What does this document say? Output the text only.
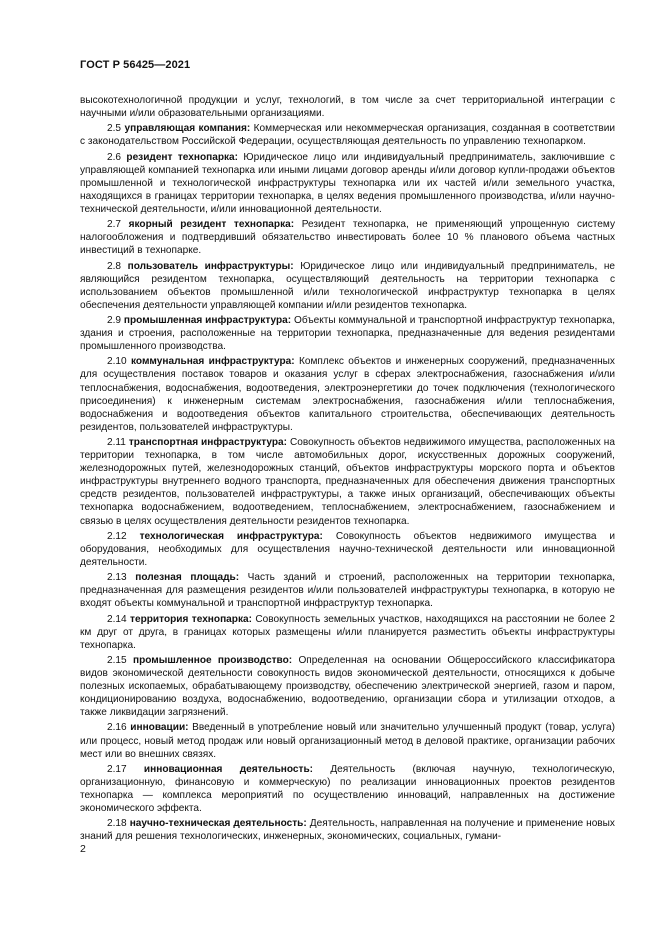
ГОСТ Р 56425—2021

высокотехнологичной продукции и услуг, технологий, в том числе за счет территориальной интеграции с научными и/или образовательными организациями.

2.5 управляющая компания: Коммерческая или некоммерческая организация, созданная в соответствии с законодательством Российской Федерации, осуществляющая деятельность по управлению технопарком.

2.6 резидент технопарка: Юридическое лицо или индивидуальный предприниматель, заключившие с управляющей компанией технопарка или иными лицами договор аренды и/или договор купли-продажи объектов промышленной и технологической инфраструктуры технопарка или их частей и/или земельного участка, находящихся в границах территории технопарка, в целях ведения промышленного производства, и/или научно-технической деятельности, и/или инновационной деятельности.

2.7 якорный резидент технопарка: Резидент технопарка, не применяющий упрощенную систему налогообложения и подтвердивший обязательство инвестировать более 10 % планового объема частных инвестиций в технопарке.

2.8 пользователь инфраструктуры: Юридическое лицо или индивидуальный предприниматель, не являющийся резидентом технопарка, осуществляющий деятельность на территории технопарка с использованием объектов промышленной и/или технологической инфраструктур технопарка в целях обеспечения деятельности управляющей компании и/или резидентов технопарка.

2.9 промышленная инфраструктура: Объекты коммунальной и транспортной инфраструктур технопарка, здания и строения, расположенные на территории технопарка, предназначенные для ведения резидентами промышленного производства.

2.10 коммунальная инфраструктура: Комплекс объектов и инженерных сооружений, предназначенных для осуществления поставок товаров и оказания услуг в сферах электроснабжения, газоснабжения и/или теплоснабжения, водоснабжения, водоотведения, электроэнергетики до точек подключения (технологического присоединения) к инженерным системам электроснабжения, газоснабжения и/или теплоснабжения, водоснабжения и водоотведения объектов капитального строительства, обеспечивающих деятельность резидентов, пользователей инфраструктуры.

2.11 транспортная инфраструктура: Совокупность объектов недвижимого имущества, расположенных на территории технопарка, в том числе автомобильных дорог, искусственных дорожных сооружений, железнодорожных путей, железнодорожных станций, объектов инфраструктуры морского порта и объектов инфраструктуры внутреннего водного транспорта, предназначенных для обеспечения движения транспортных средств резидентов, пользователей инфраструктуры, а также иных организаций, обеспечивающих объекты технопарка водоснабжением, водоотведением, теплоснабжением, электроснабжением, газоснабжением и связью в целях осуществления деятельности резидентов технопарка.

2.12 технологическая инфраструктура: Совокупность объектов недвижимого имущества и оборудования, необходимых для осуществления научно-технической деятельности или инновационной деятельности.

2.13 полезная площадь: Часть зданий и строений, расположенных на территории технопарка, предназначенная для размещения резидентов и/или пользователей инфраструктуры технопарка, в которую не входят объекты коммунальной и транспортной инфраструктур технопарка.

2.14 территория технопарка: Совокупность земельных участков, находящихся на расстоянии не более 2 км друг от друга, в границах которых размещены и/или планируется разместить объекты инфраструктуры технопарка.

2.15 промышленное производство: Определенная на основании Общероссийского классификатора видов экономической деятельности совокупность видов экономической деятельности, относящихся к добыче полезных ископаемых, обрабатывающему производству, обеспечению электрической энергией, газом и паром, кондиционированию воздуха, водоснабжению, водоотведению, организации сбора и утилизации отходов, а также ликвидации загрязнений.

2.16 инновации: Введенный в употребление новый или значительно улучшенный продукт (товар, услуга) или процесс, новый метод продаж или новый организационный метод в деловой практике, организации рабочих мест или во внешних связях.

2.17 инновационная деятельность: Деятельность (включая научную, технологическую, организационную, финансовую и коммерческую) по реализации инновационных проектов резидентов технопарка — комплекса мероприятий по осуществлению инноваций, направленных на достижение экономического эффекта.

2.18 научно-техническая деятельность: Деятельность, направленная на получение и применение новых знаний для решения технологических, инженерных, экономических, социальных, гумани-

2
